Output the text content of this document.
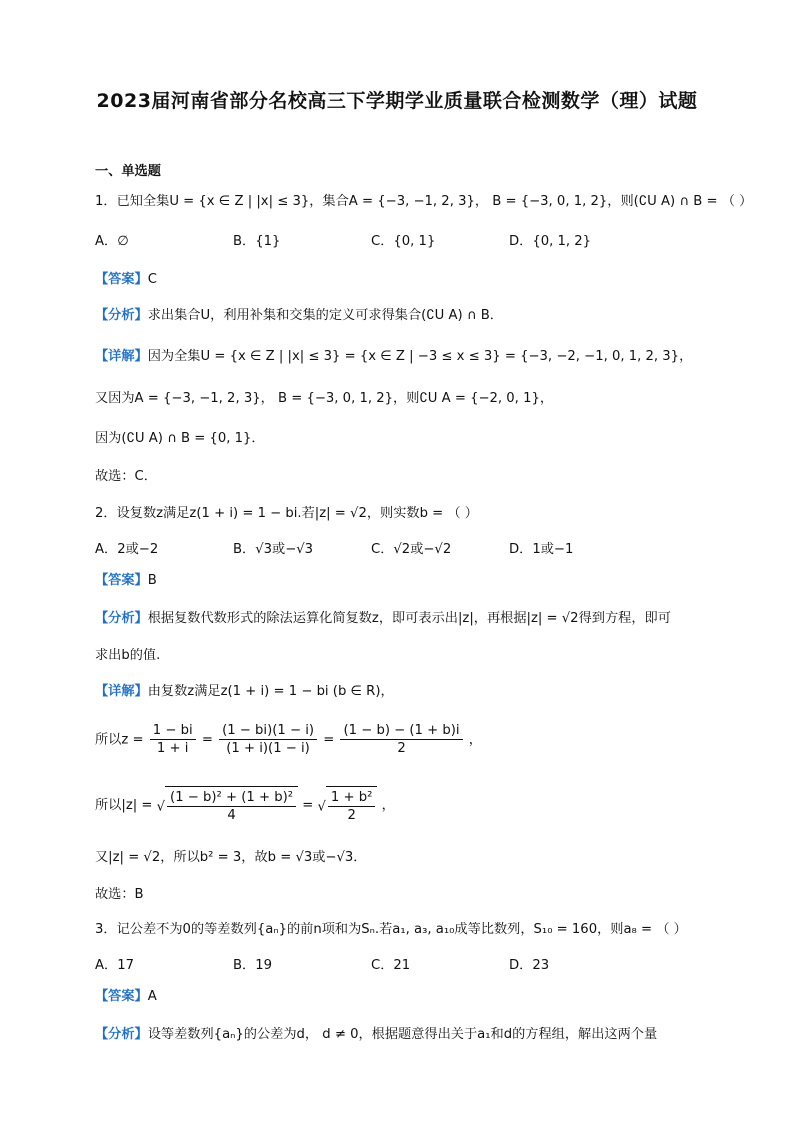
2023届河南省部分名校高三下学期学业质量联合检测数学（理）试题
一、单选题
1．已知全集U = {x ∈ Z | |x| ≤ 3}，集合A = {−3, −1, 2, 3}， B = {−3, 0, 1, 2}，则(∁U A) ∩ B = （ ）
A．∅	B．{1}	C．{0, 1}	D．{0, 1, 2}
【答案】C
【分析】求出集合U，利用补集和交集的定义可求得集合(∁U A) ∩ B．
【详解】因为全集U = {x ∈ Z | |x| ≤ 3} = {x ∈ Z | −3 ≤ x ≤ 3} = {−3, −2, −1, 0, 1, 2, 3}，
又因为A = {−3, −1, 2, 3}， B = {−3, 0, 1, 2}，则∁U A = {−2, 0, 1}，
因为(∁U A) ∩ B = {0, 1}．
故选：C．
2．设复数z满足z(1 + i) = 1 − bi.若|z| = √2，则实数b = （ ）
A．2或−2	B．√3或−√3	C．√2或−√2	D．1或−1
【答案】B
【分析】根据复数代数形式的除法运算化简复数z，即可表示出|z|，再根据|z| = √2得到方程，即可
求出b的值.
【详解】由复数z满足z(1 + i) = 1 − bi (b ∈ R)，
所以$z = \frac{1 - bi}{1 + i} = \frac{(1 - bi)(1 - i)}{(1 + i)(1 - i)} = \frac{(1 - b) - (1 + b)i}{2}$ ，
所以|z| = √ $\frac{\text{(1 − b)² + (1 + b)²}}{4}$ = √ $\frac{\text{1 + b²}}{2}$ ，
又|z| = √2，所以b² = 3，故b = √3或−√3．
故选：B
3．记公差不为0的等差数列{aₙ}的前n项和为Sₙ.若a₁, a₃, a₁₀成等比数列，S₁₀ = 160，则a₈ = （ ）
A．17	B．19	C．21	D．23
【答案】A
【分析】设等差数列{aₙ}的公差为d， d ≠ 0，根据题意得出关于a₁和d的方程组，解出这两个量
